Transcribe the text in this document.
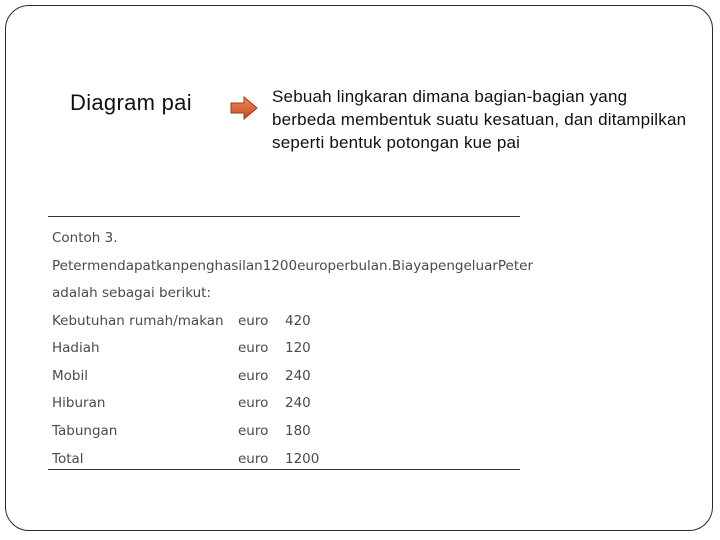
Diagram pai	Sebuah lingkaran dimana bagian-bagian yang berbeda membentuk suatu kesatuan, dan ditampilkan seperti bentuk potongan kue pai
Contoh 3.
Peter mendapatkan penghasilan 1200 euro per bulan. Biaya pengeluar Peter
adalah sebagai berikut:
Kebutuhan rumah/makan euro 420
Hadiah	euro 120
Mobil	euro 240
Hiburan	euro 240
Tabungan	euro 180
Total	euro 1200
